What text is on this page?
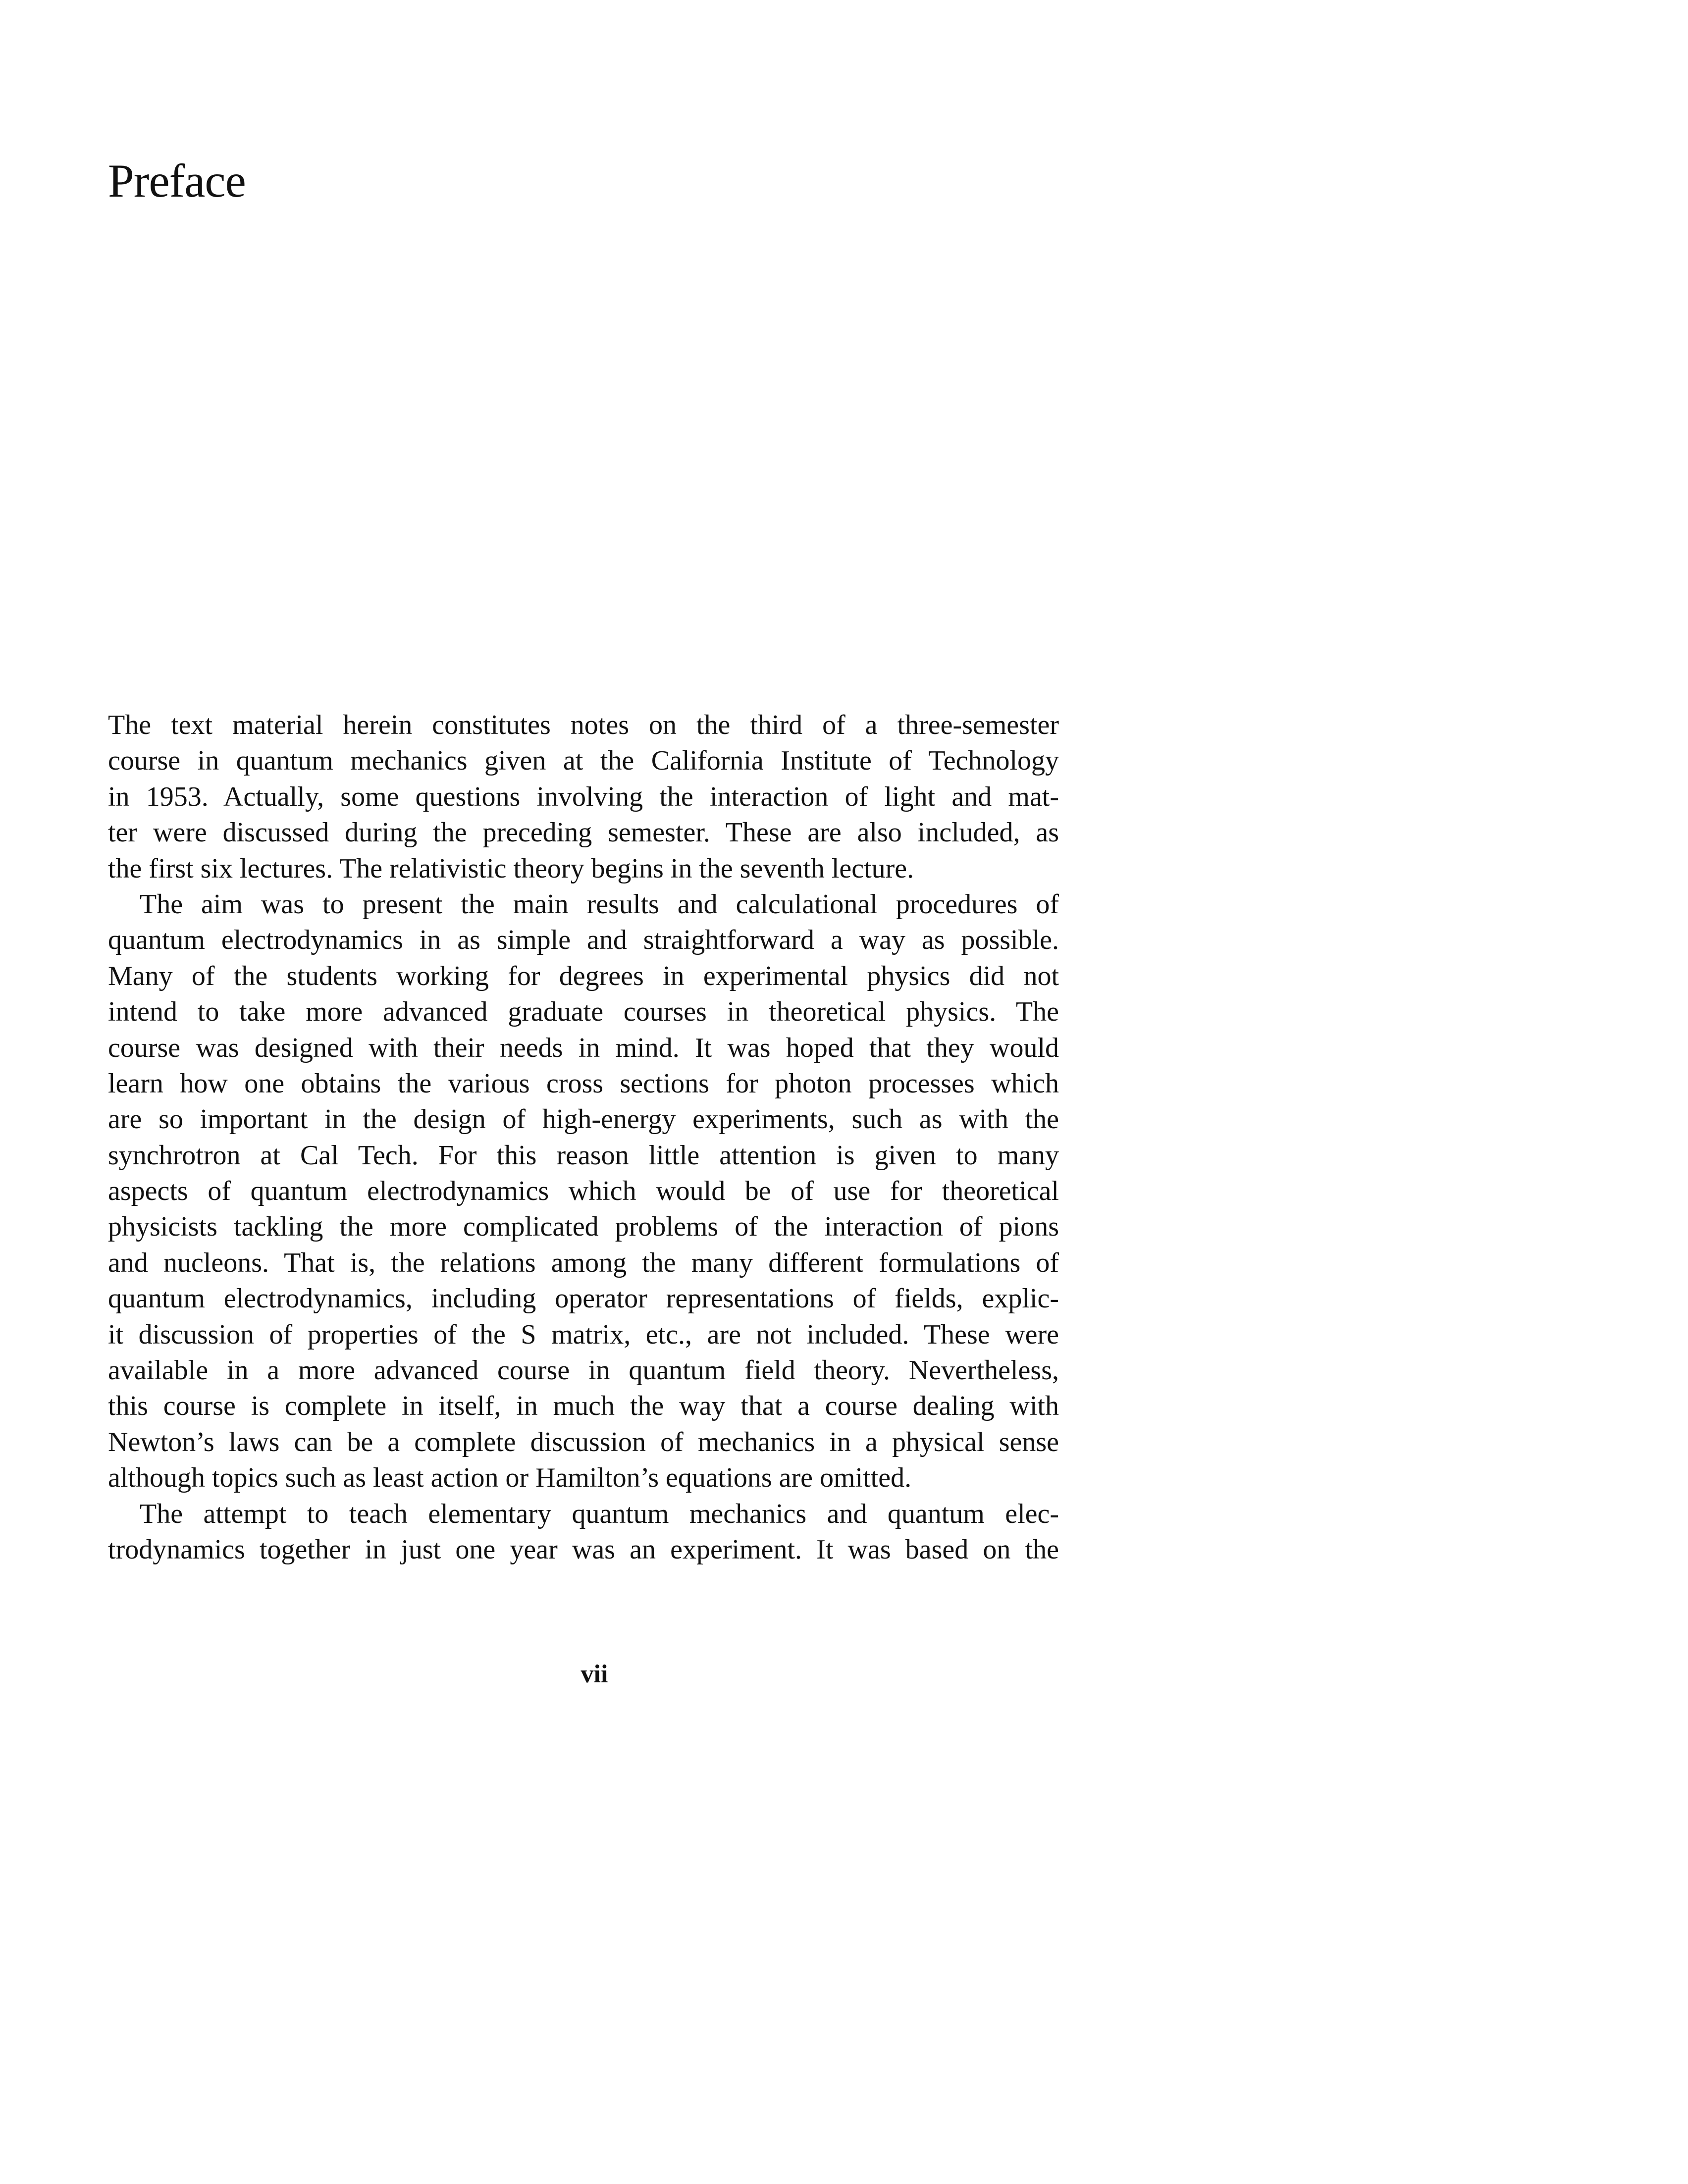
Preface
The text material herein constitutes notes on the third of a three-semester
course in quantum mechanics given at the California Institute of Technology
in 1953. Actually, some questions involving the interaction of light and mat-
ter were discussed during the preceding semester. These are also included, as
the first six lectures. The relativistic theory begins in the seventh lecture.
The aim was to present the main results and calculational procedures of
quantum electrodynamics in as simple and straightforward a way as possible.
Many of the students working for degrees in experimental physics did not
intend to take more advanced graduate courses in theoretical physics. The
course was designed with their needs in mind. It was hoped that they would
learn how one obtains the various cross sections for photon processes which
are so important in the design of high-energy experiments, such as with the
synchrotron at Cal Tech. For this reason little attention is given to many
aspects of quantum electrodynamics which would be of use for theoretical
physicists tackling the more complicated problems of the interaction of pions
and nucleons. That is, the relations among the many different formulations of
quantum electrodynamics, including operator representations of fields, explic-
it discussion of properties of the S matrix, etc., are not included. These were
available in a more advanced course in quantum field theory. Nevertheless,
this course is complete in itself, in much the way that a course dealing with
Newton’s laws can be a complete discussion of mechanics in a physical sense
although topics such as least action or Hamilton’s equations are omitted.
The attempt to teach elementary quantum mechanics and quantum elec-
trodynamics together in just one year was an experiment. It was based on the

vii
